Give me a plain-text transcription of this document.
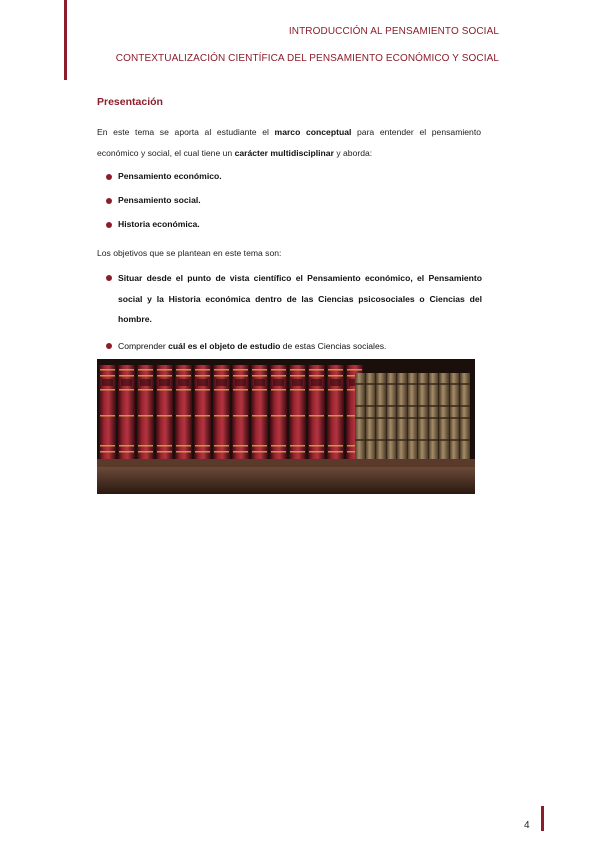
INTRODUCCIÓN AL PENSAMIENTO SOCIAL
CONTEXTUALIZACIÓN CIENTÍFICA DEL PENSAMIENTO ECONÓMICO Y SOCIAL
Presentación
En este tema se aporta al estudiante el marco conceptual para entender el pensamiento económico y social, el cual tiene un carácter multidisciplinar y aborda:
Pensamiento económico.
Pensamiento social.
Historia económica.
Los objetivos que se plantean en este tema son:
Situar desde el punto de vista científico el Pensamiento económico, el Pensamiento social y la Historia económica dentro de las Ciencias psicosociales o Ciencias del hombre.
Comprender cuál es el objeto de estudio de estas Ciencias sociales.
4
